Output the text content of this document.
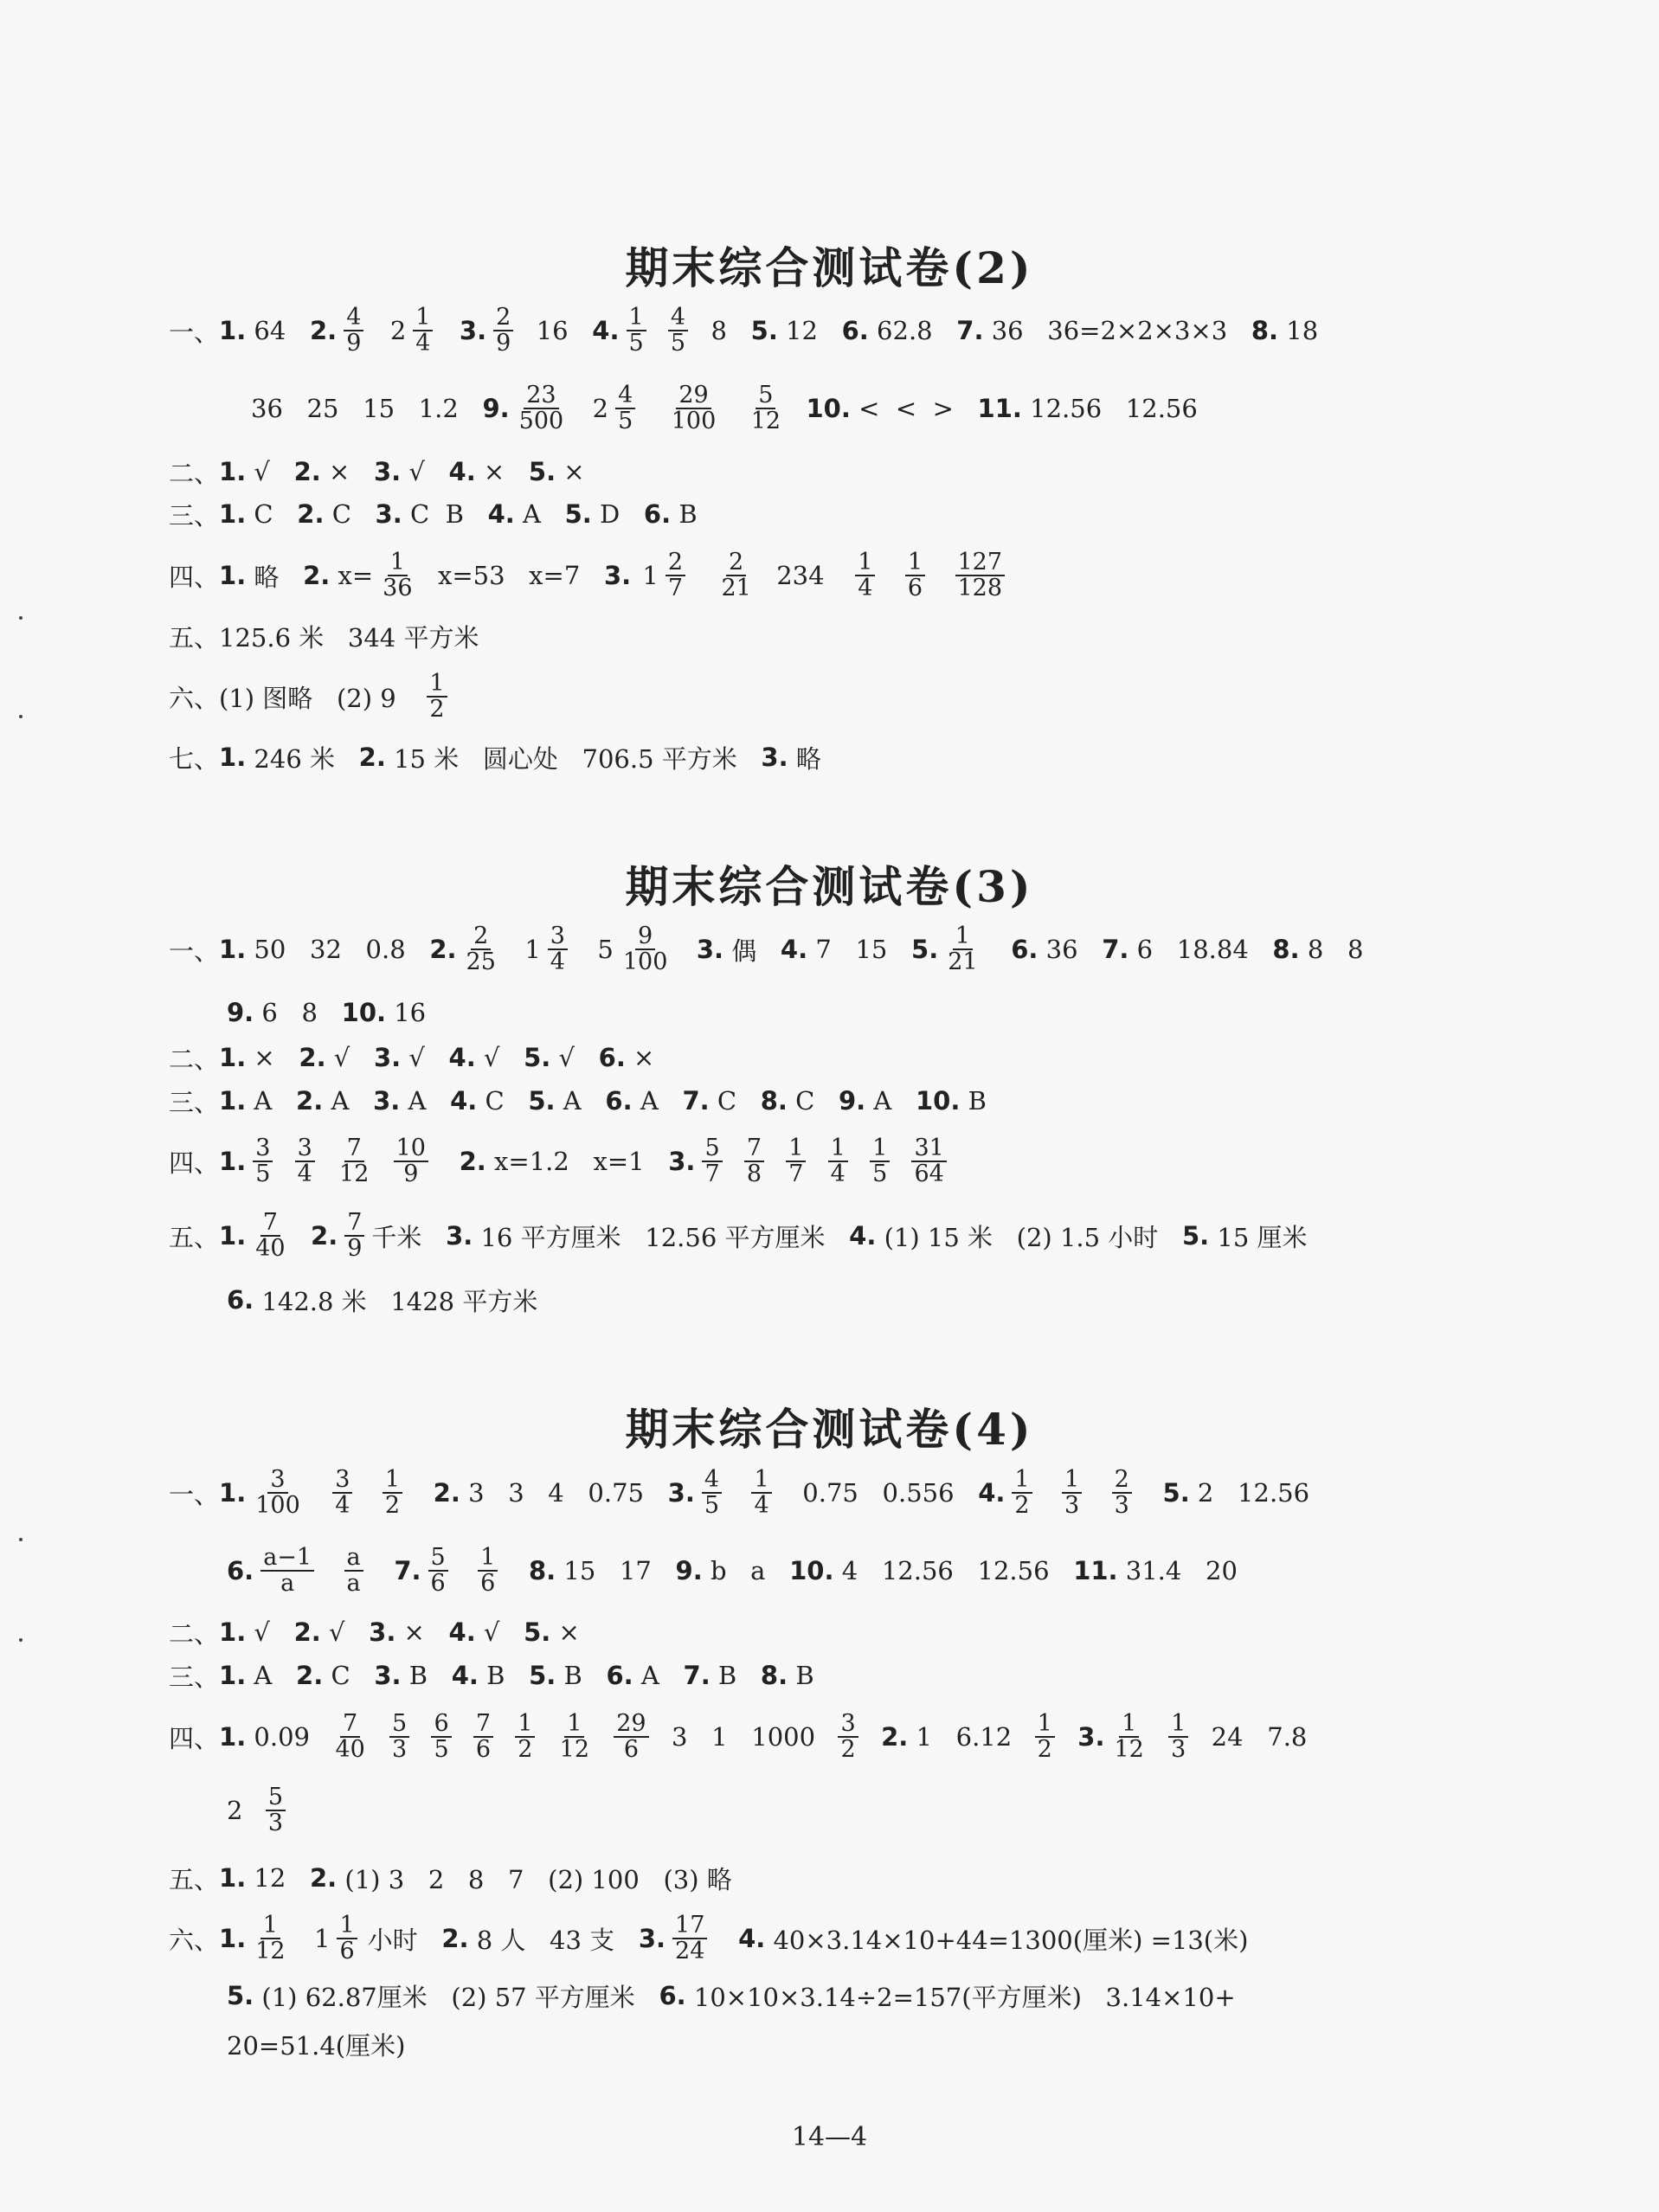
期末综合测试卷(2)
期末综合测试卷(3)
期末综合测试卷(4)
一、 1. 64 2. $\frac{4}{9}$
$2 \frac{1}{4}$
3. $\frac{2}{9} 16$ 4. $\frac{1}{5}$
$\frac{4}{5} 8$ 5. 12 6. 62.8 7. 36   36=2×2×3×3 8. 18
36   25   15   1.2 9. $\frac{23}{500}$
$2 \frac{4}{5}$
$\frac{29}{100}$
$\frac{5}{12}$
10. <  <  > 11. 12.56   12.56
二、 1. √ 2. × 3. √ 4. × 5. ×
三、 1. C 2. C 3. C  B 4. A 5. D 6. B
四、 1. 略 2. $x= \frac{1}{36} x=53$   x=7 3.
$1 \frac{2}{7}$
$\frac{2}{21} 234 \frac{1}{4}$
$\frac{1}{6}$
$\frac{127}{128}$
五、125.6 米   344 平方米
六、(1) 图略   (2) $9 \frac{1}{2}$
七、 1. 246 米 2. 15 米   圆心处   706.5 平方米 3. 略
一、 1. 50   32   0.8 2. $\frac{2}{25}$
$1 \frac{3}{4}$
$5 \frac{9}{100}$
3. 偶 4. 7   15 5. $\frac{1}{21}$
6. 36 7. 6   18.84 8. 8   8
9. 6   8 10. 16
二、 1. × 2. √ 3. √ 4. √ 5. √ 6. ×
三、 1. A 2. A 3. A 4. C 5. A 6. A 7. C 8. C 9. A 10. B
四、 1. $\frac{3}{5}$
$\frac{3}{4}$
$\frac{7}{12}$
$\frac{10}{9}$
2. x=1.2   x=1 3. $\frac{5}{7}$
$\frac{7}{8}$
$\frac{1}{7}$
$\frac{1}{4}$
$\frac{1}{5}$
$\frac{31}{64}$
五、 1. $\frac{7}{40}$
2. $\frac{7}{9}$ 千米 3. 16 平方厘米   12.56 平方厘米 4. (1) 15 米   (2) 1.5 小时 5. 15 厘米
6. 142.8 米   1428 平方米
一、 1. $\frac{3}{100}$
$\frac{3}{4}$
$\frac{1}{2}$
2. 3   3   4   0.75 3. $\frac{4}{5}$
$\frac{1}{4} 0.75$   0.556 4. $\frac{1}{2}$
$\frac{1}{3}$
$\frac{2}{3}$
5. 2   12.56
6. $\frac{a-1}{a}$
$\frac{a}{a}$
7. $\frac{5}{6}$
$\frac{1}{6}$
8. 15   17 9. b   a 10. 4   12.56   12.56 11. 31.4   20
二、 1. √ 2. √ 3. × 4. √ 5. ×
三、 1. A 2. C 3. B 4. B 5. B 6. A 7. B 8. B
四、 1. $0.09 \frac{7}{40}$
$\frac{5}{3}$
$\frac{6}{5}$
$\frac{7}{6}$
$\frac{1}{2}$
$\frac{1}{12}$
$\frac{29}{6} 3$   1   $1000 \frac{3}{2}$
2. 1   $6.12 \frac{1}{2}$
3. $\frac{1}{12}$
$\frac{1}{3} 24$   7.8
$2 \frac{5}{3}$
五、 1. 12 2. (1) 3   2   8   7   (2) 100   (3) 略
六、 1. $\frac{1}{12}$
$1 \frac{1}{6}$ 小时 2. 8 人   43 支 3. $\frac{17}{24}$
4. 40×3.14×10+44=1300(厘米) =13(米)
5. (1) 62.87厘米   (2) 57 平方厘米 6. 10×10×3.14÷2=157(平方厘米)   3.14×10+
20=51.4(厘米)
14—4
